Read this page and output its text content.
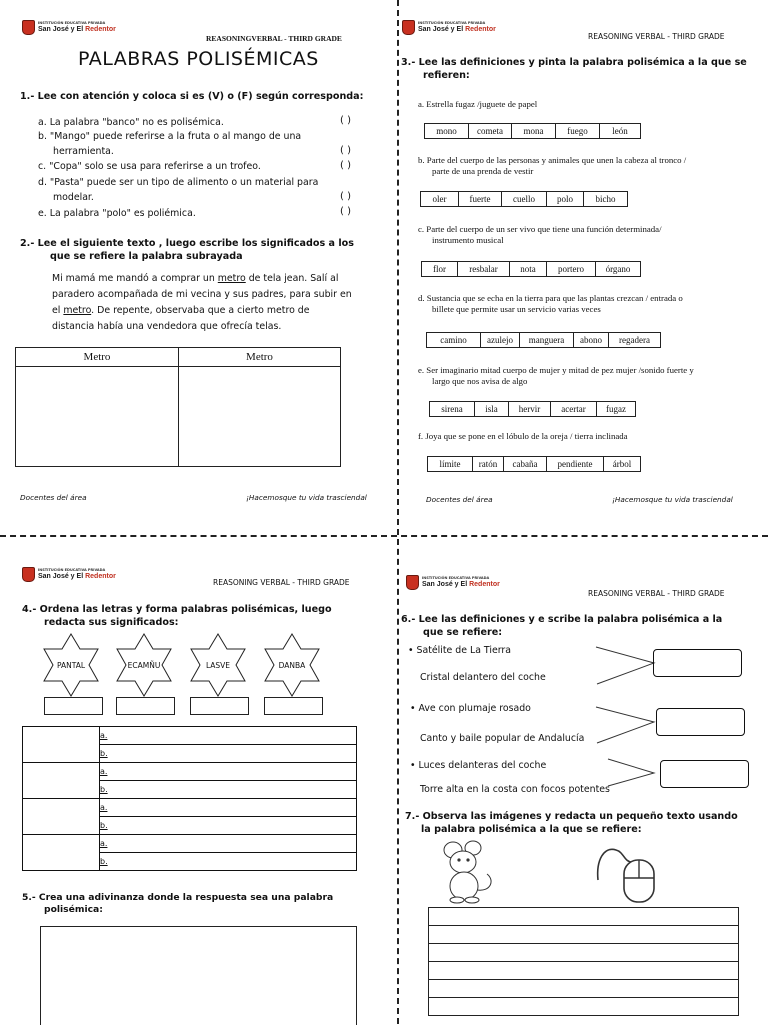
INSTITUCIÓN EDUCATIVA PRIVADA
San José y El Redentor
REASONINGVERBAL - THIRD GRADE
PALABRAS POLISÉMICAS
1.- Lee con atención y coloca si es (V) o (F) según corresponda:
a. La palabra "banco" no es polisémica.
b. "Mango" puede referirse a la fruta o al mango de una
herramienta.
c. "Copa" solo se usa para referirse a un trofeo.
d. "Pasta" puede ser un tipo de alimento o un material para
modelar.
e. La palabra "polo" es poliémica.
( )
( )
( )
( )
( )
2.- Lee el siguiente texto , luego escribe los significados a los
que se refiere la palabra subrayada
Mi mamá me mandó a comprar un metro de tela jean. Salí al
paradero acompañada de mi vecina y sus padres, para subir en
el metro. De repente, observaba que a cierto metro de
distancia había una vendedora que ofrecía telas.
Metro	Metro

Docentes del área	¡Hacemosque tu vida trasciendal
INSTITUCIÓN EDUCATIVA PRIVADA
San José y El Redentor
REASONING VERBAL - THIRD GRADE
3.- Lee las definiciones y pinta la palabra polisémica a la que se
refieren:
a. Estrella fugaz /juguete de papel
mono	cometa	mona	fuego	león
b. Parte del cuerpo de las personas y animales que unen la cabeza al tronco /
parte de una prenda de vestir
oler	fuerte	cuello	polo	bicho
c. Parte del cuerpo de un ser vivo que tiene una función determinada/
instrumento musical
flor	resbalar	nota	portero	órgano
d. Sustancia que se echa en la tierra para que las plantas crezcan / entrada o
billete que permite usar un servicio varias veces
camino	azulejo	manguera	abono	regadera
e. Ser imaginario mitad cuerpo de mujer y mitad de pez mujer /sonido fuerte y
largo que nos avisa de algo
sirena	isla	hervir	acertar	fugaz
f. Joya que se pone en el lóbulo de la oreja / tierra inclinada
límite	ratón	cabaña	pendiente	árbol
Docentes del área	¡Hacemosque tu vida trasciendal
INSTITUCIÓN EDUCATIVA PRIVADA
San José y El Redentor
REASONING VERBAL - THIRD GRADE
4.- Ordena las letras y forma palabras polisémicas, luego
redacta sus significados:
PANTAL	ECAMÑU	LASVE	DANBA
	a.
	b.
	a.
	b.
	a.
	b.
	a.
	b.
5.- Crea una adivinanza donde la respuesta sea una palabra
polisémica:
INSTITUCIÓN EDUCATIVA PRIVADA
San José y El Redentor
REASONING VERBAL - THIRD GRADE
6.- Lee las definiciones y e scribe la palabra polisémica a la
que se refiere:
• Satélite de La Tierra
Cristal delantero del coche
• Ave con plumaje rosado
Canto y baile popular de Andalucía
• Luces delanteras del coche
Torre alta en la costa con focos potentes
7.- Observa las imágenes y redacta un pequeño texto usando
la palabra polisémica a la que se refiere:
